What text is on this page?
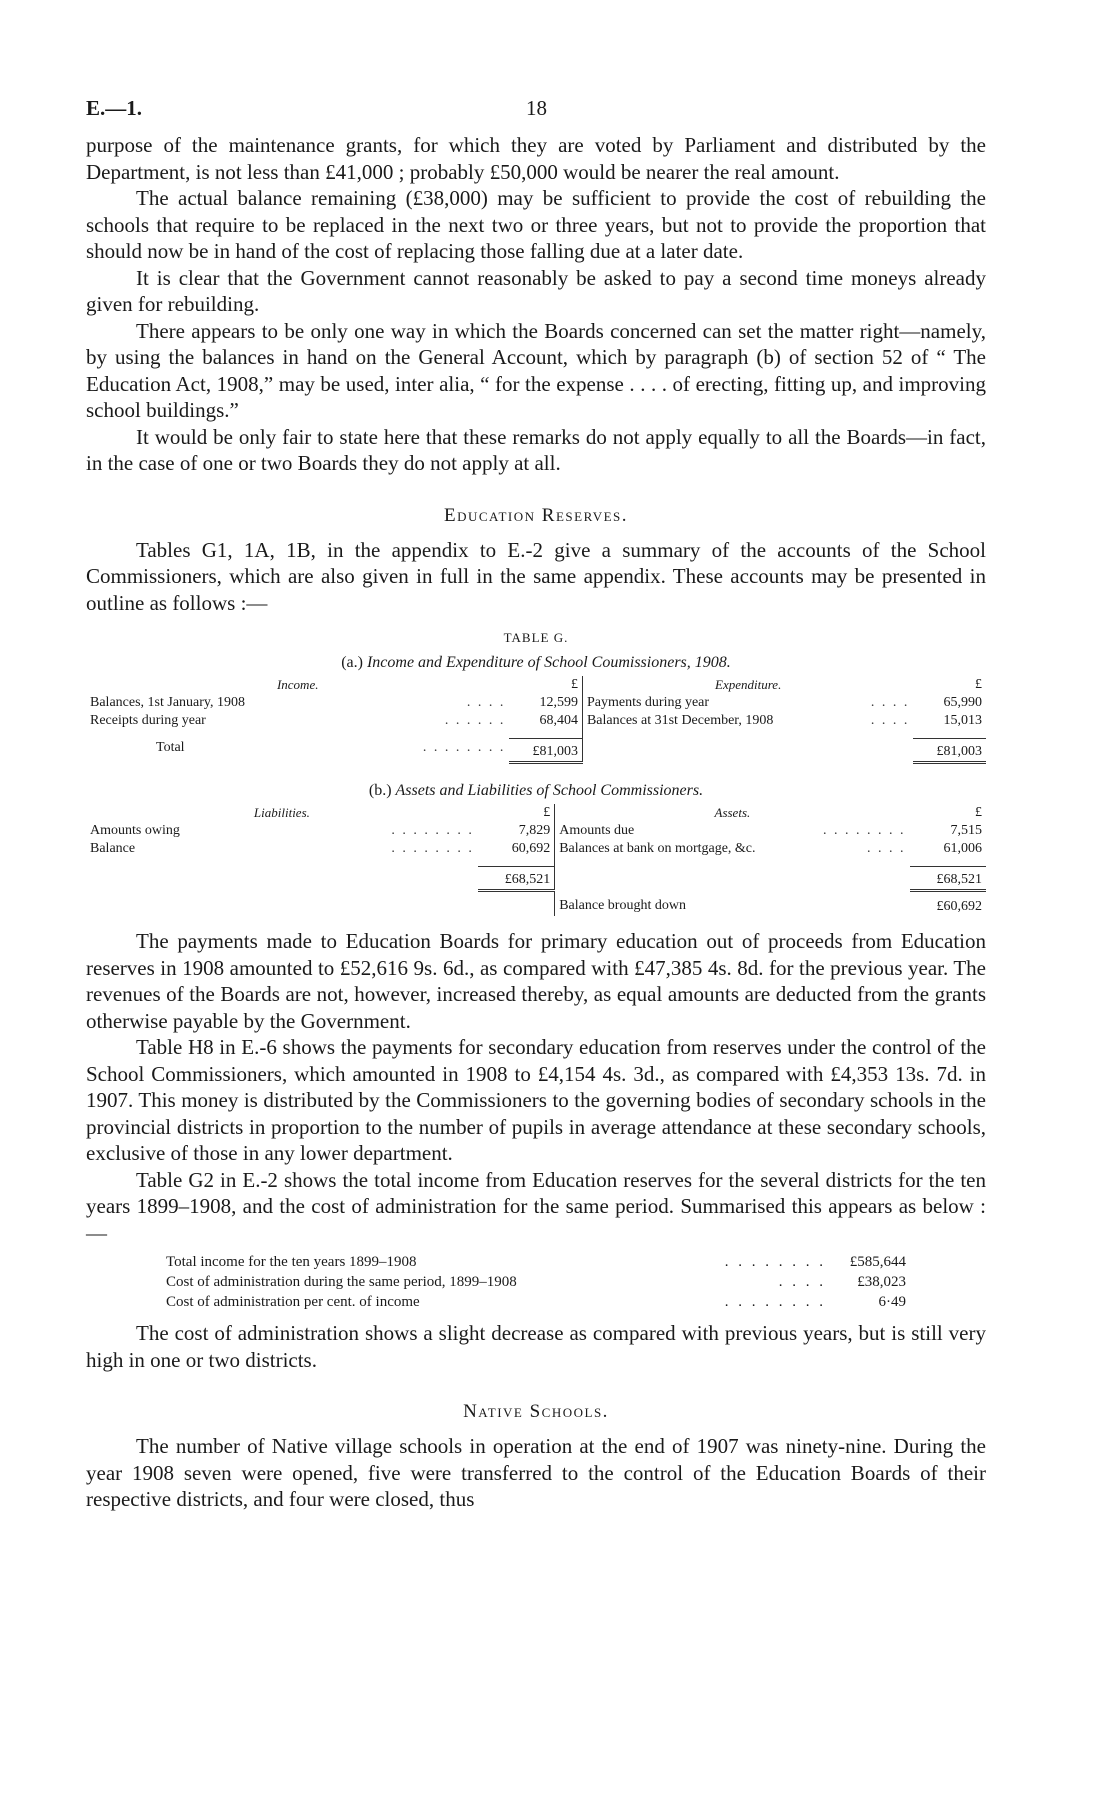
E.—1.	18

purpose of the maintenance grants, for which they are voted by Parliament and distributed by the Department, is not less than £41,000 ; probably £50,000 would be nearer the real amount.

The actual balance remaining (£38,000) may be sufficient to provide the cost of rebuilding the schools that require to be replaced in the next two or three years, but not to provide the proportion that should now be in hand of the cost of replacing those falling due at a later date.

It is clear that the Government cannot reasonably be asked to pay a second time moneys already given for rebuilding.

There appears to be only one way in which the Boards concerned can set the matter right—namely, by using the balances in hand on the General Account, which by paragraph (b) of section 52 of “ The Education Act, 1908,” may be used, inter alia, “ for the expense . . . . of erecting, fitting up, and improving school buildings.”

It would be only fair to state here that these remarks do not apply equally to all the Boards—in fact, in the case of one or two Boards they do not apply at all.

Education Reserves.

Tables G1, 1A, 1B, in the appendix to E.-2 give a summary of the accounts of the School Commissioners, which are also given in full in the same appendix. These accounts may be presented in outline as follows :—

TABLE G.
(a.) Income and Expenditure of School Coumissioners, 1908.
Income.		£	Expenditure.		£
Balances, 1st January, 1908	. . . .	12,599	Payments during year	. . . .	65,990
Receipts during year	. . . . . .	68,404	Balances at 31st December, 1908	. . . .	15,013

Total	. . . . . . . .	£81,003			£81,003
(b.) Assets and Liabilities of School Commissioners.
Liabilities.		£	Assets.		£
Amounts owing	. . . . . . . .	7,829	Amounts due	. . . . . . . .	7,515
Balance	. . . . . . . .	60,692	Balances at bank on mortgage, &c.	. . . .	61,006

		£68,521			£68,521
			Balance brought down		£60,692

The payments made to Education Boards for primary education out of proceeds from Education reserves in 1908 amounted to £52,616 9s. 6d., as compared with £47,385 4s. 8d. for the previous year. The revenues of the Boards are not, however, increased thereby, as equal amounts are deducted from the grants otherwise payable by the Government.

Table H8 in E.-6 shows the payments for secondary education from reserves under the control of the School Commissioners, which amounted in 1908 to £4,154 4s. 3d., as compared with £4,353 13s. 7d. in 1907. This money is distributed by the Commissioners to the governing bodies of secondary schools in the provincial districts in proportion to the number of pupils in average attendance at these secondary schools, exclusive of those in any lower department.

Table G2 in E.-2 shows the total income from Education reserves for the several districts for the ten years 1899–1908, and the cost of administration for the same period. Summarised this appears as below :—

Total income for the ten years 1899–1908	. . . . . . . .	£585,644
Cost of administration during the same period, 1899–1908	. . . .	£38,023
Cost of administration per cent. of income	. . . . . . . .	6·49

The cost of administration shows a slight decrease as compared with previous years, but is still very high in one or two districts.

Native Schools.

The number of Native village schools in operation at the end of 1907 was ninety-nine. During the year 1908 seven were opened, five were transferred to the control of the Education Boards of their respective districts, and four were closed, thus
